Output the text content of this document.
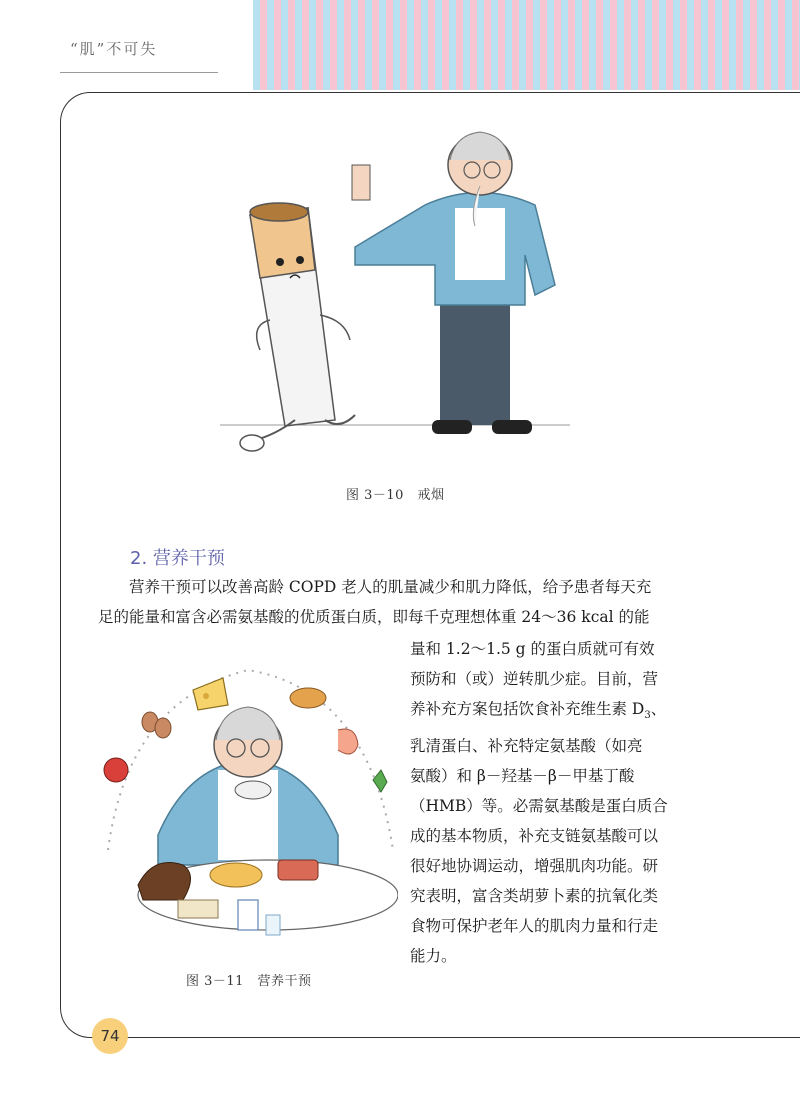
“肌”不可失
图 3－10　戒烟
2. 营养干预

营养干预可以改善高龄 COPD 老人的肌量减少和肌力降低，给予患者每天充
足的能量和富含必需氨基酸的优质蛋白质，即每千克理想体重 24～36 kcal 的能

图 3－11　营养干预

量和 1.2～1.5 g 的蛋白质就可有效
预防和（或）逆转肌少症。目前，营
养补充方案包括饮食补充维生素 $D_3$、
乳清蛋白、补充特定氨基酸（如亮
氨酸）和 β－羟基－β－甲基丁酸
（HMB）等。必需氨基酸是蛋白质合
成的基本物质，补充支链氨基酸可以
很好地协调运动，增强肌肉功能。研
究表明，富含类胡萝卜素的抗氧化类
食物可保护老年人的肌肉力量和行走
能力。

74
